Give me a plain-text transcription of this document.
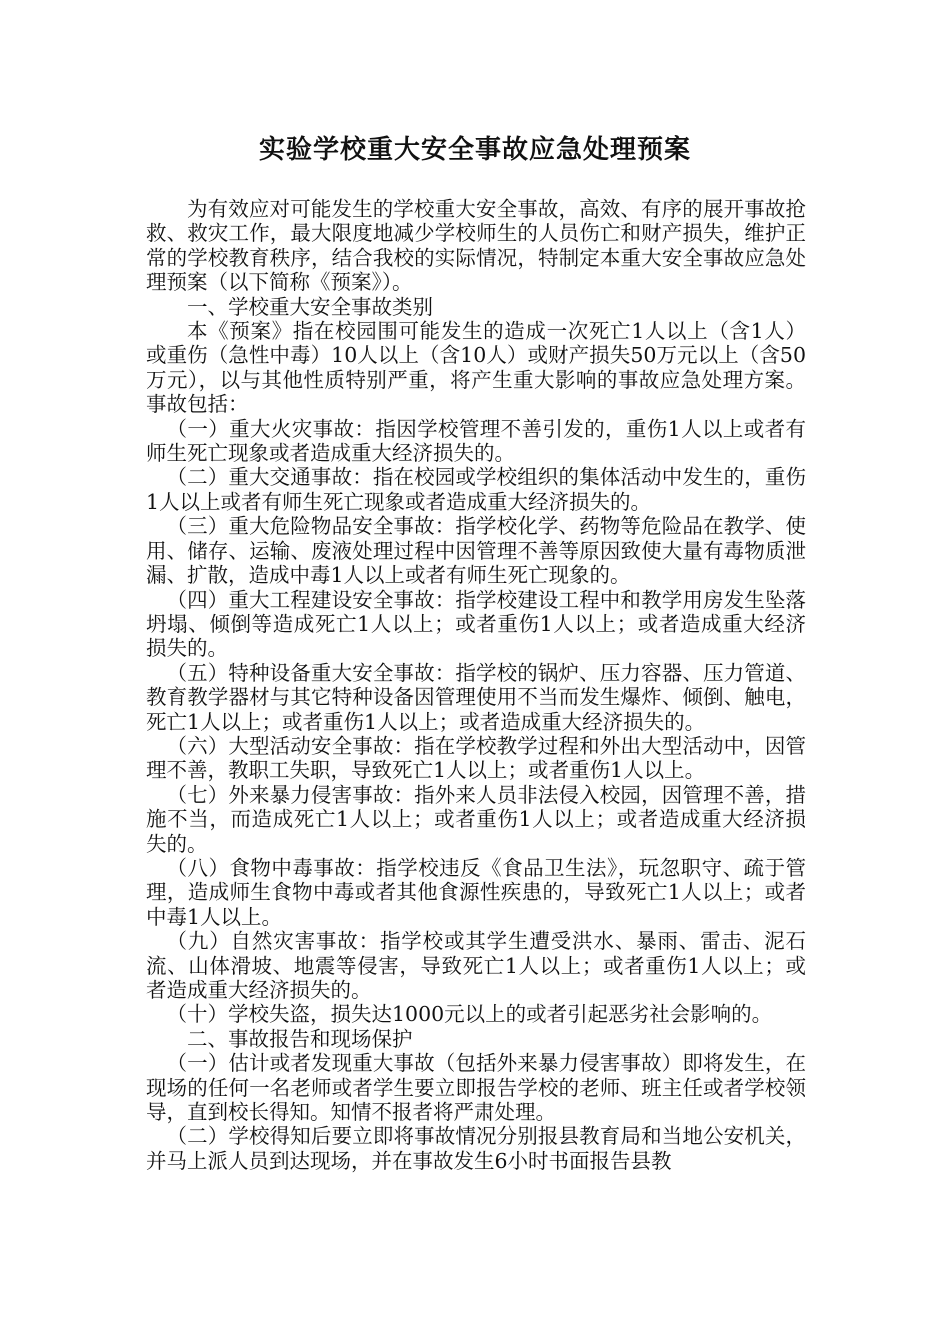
实验学校重大安全事故应急处理预案

为有效应对可能发生的学校重大安全事故，高效、有序的展开事故抢救、救灾工作，最大限度地减少学校师生的人员伤亡和财产损失，维护正常的学校教育秩序，结合我校的实际情况，特制定本重大安全事故应急处理预案（以下简称《预案》）。

一、学校重大安全事故类别

本《预案》指在校园围可能发生的造成一次死亡1人以上（含1人）或重伤（急性中毒）10人以上（含10人）或财产损失50万元以上（含50万元），以与其他性质特别严重，将产生重大影响的事故应急处理方案。事故包括：

（一）重大火灾事故：指因学校管理不善引发的，重伤1人以上或者有师生死亡现象或者造成重大经济损失的。

（二）重大交通事故：指在校园或学校组织的集体活动中发生的，重伤1人以上或者有师生死亡现象或者造成重大经济损失的。

（三）重大危险物品安全事故：指学校化学、药物等危险品在教学、使用、储存、运输、废液处理过程中因管理不善等原因致使大量有毒物质泄漏、扩散，造成中毒1人以上或者有师生死亡现象的。

（四）重大工程建设安全事故：指学校建设工程中和教学用房发生坠落坍塌、倾倒等造成死亡1人以上；或者重伤1人以上；或者造成重大经济损失的。

（五）特种设备重大安全事故：指学校的锅炉、压力容器、压力管道、教育教学器材与其它特种设备因管理使用不当而发生爆炸、倾倒、触电，死亡1人以上；或者重伤1人以上；或者造成重大经济损失的。

（六）大型活动安全事故：指在学校教学过程和外出大型活动中，因管理不善，教职工失职，导致死亡1人以上；或者重伤1人以上。

（七）外来暴力侵害事故：指外来人员非法侵入校园，因管理不善，措施不当，而造成死亡1人以上；或者重伤1人以上；或者造成重大经济损失的。

（八）食物中毒事故：指学校违反《食品卫生法》，玩忽职守、疏于管理，造成师生食物中毒或者其他食源性疾患的，导致死亡1人以上；或者中毒1人以上。

（九）自然灾害事故：指学校或其学生遭受洪水、暴雨、雷击、泥石流、山体滑坡、地震等侵害，导致死亡1人以上；或者重伤1人以上；或者造成重大经济损失的。

（十）学校失盗，损失达1000元以上的或者引起恶劣社会影响的。

二、事故报告和现场保护

（一）估计或者发现重大事故（包括外来暴力侵害事故）即将发生，在现场的任何一名老师或者学生要立即报告学校的老师、班主任或者学校领导，直到校长得知。知情不报者将严肃处理。

（二）学校得知后要立即将事故情况分别报县教育局和当地公安机关，并马上派人员到达现场，并在事故发生6小时书面报告县教
